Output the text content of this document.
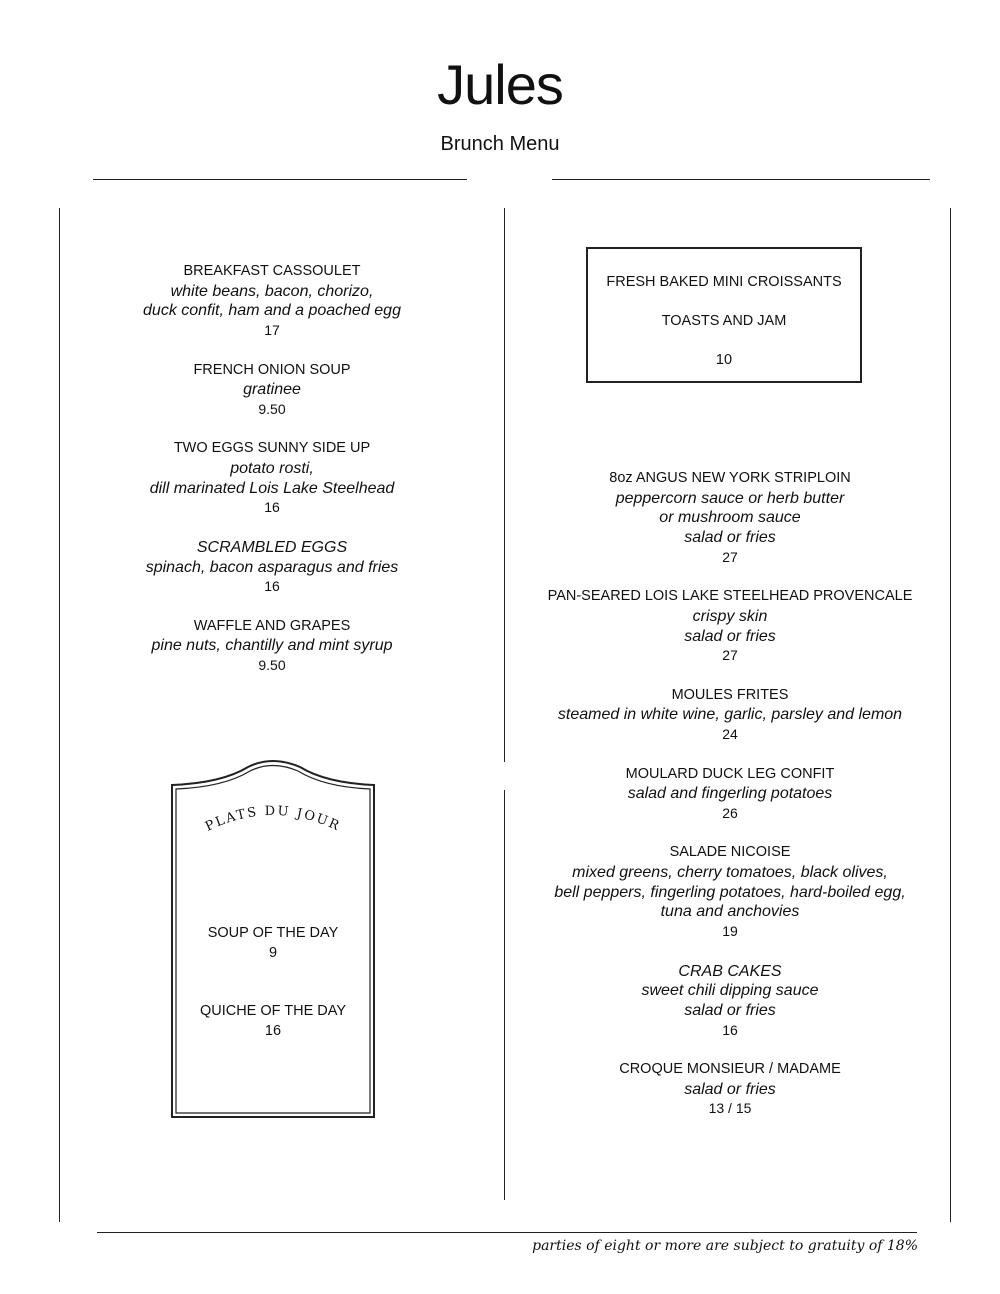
Jules
Brunch Menu
BREAKFAST CASSOULET
white beans, bacon, chorizo,
duck confit, ham and a poached egg
17
FRENCH ONION SOUP
gratinee
9.50
TWO EGGS SUNNY SIDE UP
potato rosti,
dill marinated Lois Lake Steelhead
16
SCRAMBLED EGGS
spinach, bacon asparagus and fries
16
WAFFLE AND GRAPES
pine nuts, chantilly and mint syrup
9.50
FRESH BAKED MINI CROISSANTS
TOASTS AND JAM
10
8oz ANGUS NEW YORK STRIPLOIN
peppercorn sauce or herb butter
or mushroom sauce
salad or fries
27
PAN-SEARED LOIS LAKE STEELHEAD PROVENCALE
crispy skin
salad or fries
27
MOULES FRITES
steamed in white wine, garlic, parsley and lemon
24
MOULARD DUCK LEG CONFIT
salad and fingerling potatoes
26
SALADE NICOISE
mixed greens, cherry tomatoes, black olives,
bell peppers, fingerling potatoes, hard-boiled egg,
tuna and anchovies
19
CRAB CAKES
sweet chili dipping sauce
salad or fries
16
CROQUE MONSIEUR / MADAME
salad or fries
13 / 15
PLATS DU JOUR
SOUP OF THE DAY
9
QUICHE OF THE DAY
16
parties of eight or more are subject to gratuity of 18%
